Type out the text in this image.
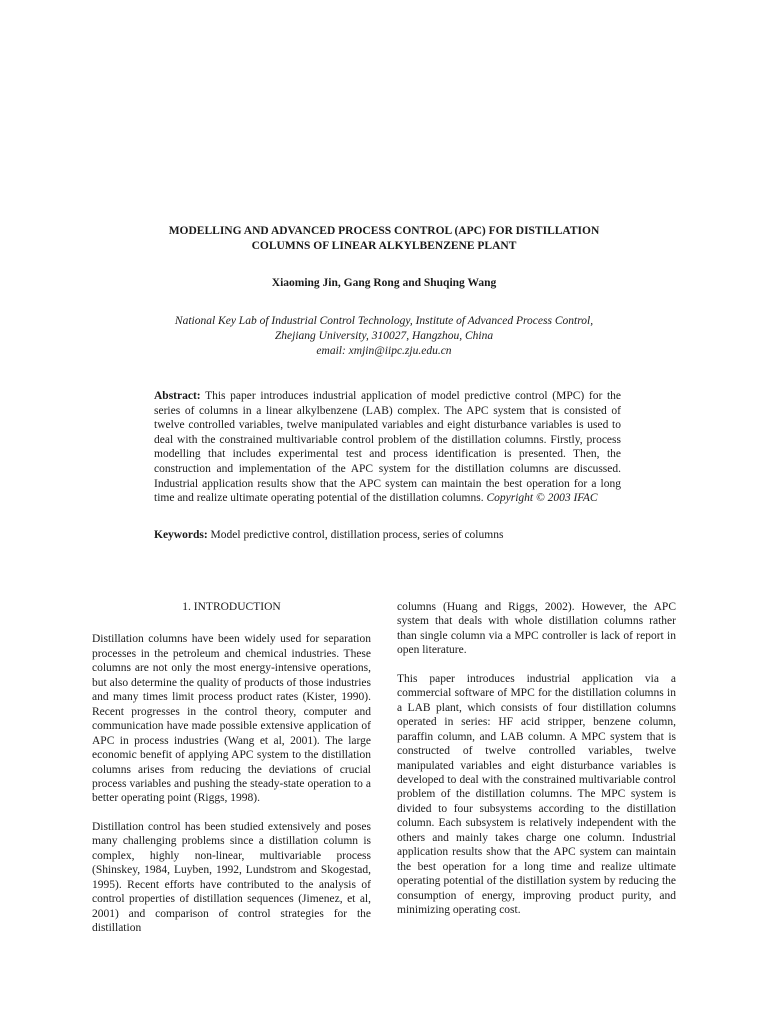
MODELLING AND ADVANCED PROCESS CONTROL (APC) FOR DISTILLATION
COLUMNS OF LINEAR ALKYLBENZENE PLANT

Xiaoming Jin, Gang Rong and Shuqing Wang

National Key Lab of Industrial Control Technology, Institute of Advanced Process Control,
Zhejiang University, 310027, Hangzhou, China
email: xmjin@iipc.zju.edu.cn

Abstract: This paper introduces industrial application of model predictive control (MPC) for the series of columns in a linear alkylbenzene (LAB) complex. The APC system that is consisted of twelve controlled variables, twelve manipulated variables and eight disturbance variables is used to deal with the constrained multivariable control problem of the distillation columns. Firstly, process modelling that includes experimental test and process identification is presented. Then, the construction and implementation of the APC system for the distillation columns are discussed. Industrial application results show that the APC system can maintain the best operation for a long time and realize ultimate operating potential of the distillation columns. Copyright © 2003 IFAC

Keywords: Model predictive control, distillation process, series of columns

1. INTRODUCTION

Distillation columns have been widely used for separation processes in the petroleum and chemical industries. These columns are not only the most energy-intensive operations, but also determine the quality of products of those industries and many times limit process product rates (Kister, 1990). Recent progresses in the control theory, computer and communication have made possible extensive application of APC in process industries (Wang et al, 2001). The large economic benefit of applying APC system to the distillation columns arises from reducing the deviations of crucial process variables and pushing the steady-state operation to a better operating point (Riggs, 1998).

Distillation control has been studied extensively and poses many challenging problems since a distillation column is complex, highly non-linear, multivariable process (Shinskey, 1984, Luyben, 1992, Lundstrom and Skogestad, 1995). Recent efforts have contributed to the analysis of control properties of distillation sequences (Jimenez, et al, 2001) and comparison of control strategies for the distillation

columns (Huang and Riggs, 2002). However, the APC system that deals with whole distillation columns rather than single column via a MPC controller is lack of report in open literature.

This paper introduces industrial application via a commercial software of MPC for the distillation columns in a LAB plant, which consists of four distillation columns operated in series: HF acid stripper, benzene column, paraffin column, and LAB column. A MPC system that is constructed of twelve controlled variables, twelve manipulated variables and eight disturbance variables is developed to deal with the constrained multivariable control problem of the distillation columns. The MPC system is divided to four subsystems according to the distillation column. Each subsystem is relatively independent with the others and mainly takes charge one column. Industrial application results show that the APC system can maintain the best operation for a long time and realize ultimate operating potential of the distillation system by reducing the consumption of energy, improving product purity, and minimizing operating cost.
